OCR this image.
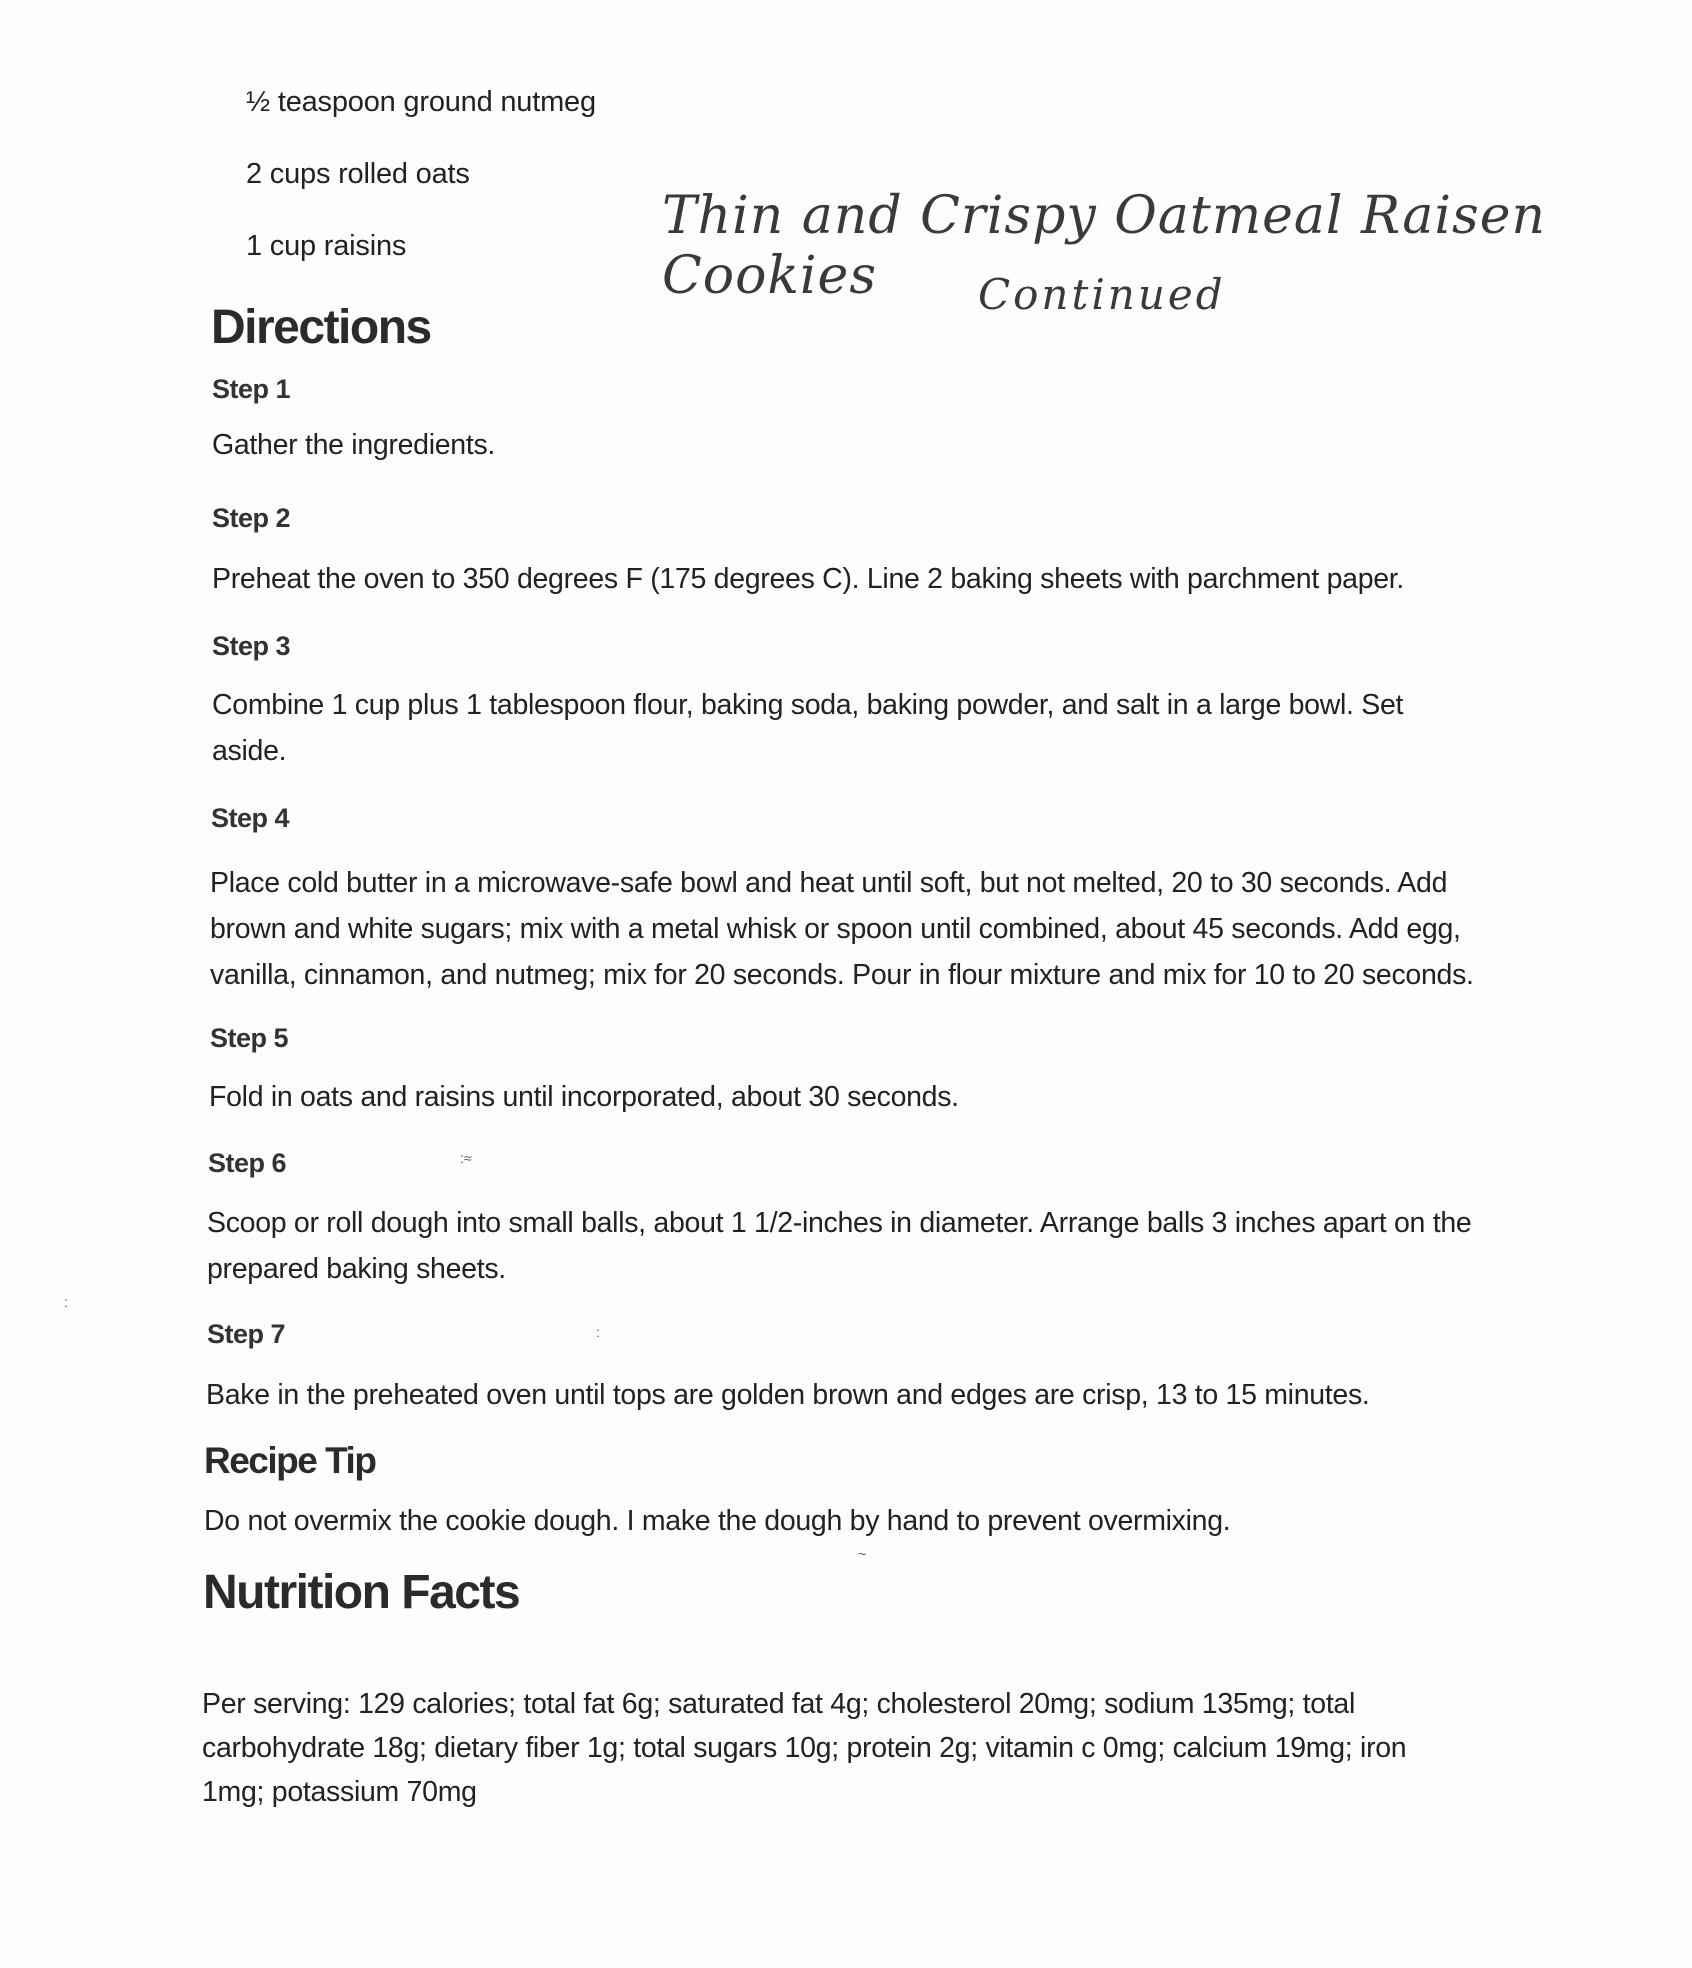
½ teaspoon ground nutmeg
2 cups rolled oats
1 cup raisins	Thin and Crispy Oatmeal Raisen Cookies	Continued
Directions
Step 1
Gather the ingredients.
Step 2
Preheat the oven to 350 degrees F (175 degrees C). Line 2 baking sheets with parchment paper.
Step 3
Combine 1 cup plus 1 tablespoon flour, baking soda, baking powder, and salt in a large bowl. Set aside.
Step 4
Place cold butter in a microwave-safe bowl and heat until soft, but not melted, 20 to 30 seconds. Add brown and white sugars; mix with a metal whisk or spoon until combined, about 45 seconds. Add egg, vanilla, cinnamon, and nutmeg; mix for 20 seconds. Pour in flour mixture and mix for 10 to 20 seconds.
Step 5
Fold in oats and raisins until incorporated, about 30 seconds.
Step 6
Scoop or roll dough into small balls, about 1 1/2-inches in diameter. Arrange balls 3 inches apart on the prepared baking sheets.
Step 7
Bake in the preheated oven until tops are golden brown and edges are crisp, 13 to 15 minutes.
Recipe Tip
Do not overmix the cookie dough. I make the dough by hand to prevent overmixing.
Nutrition Facts
Per serving: 129 calories; total fat 6g; saturated fat 4g; cholesterol 20mg; sodium 135mg; total carbohydrate 18g; dietary fiber 1g; total sugars 10g; protein 2g; vitamin c 0mg; calcium 19mg; iron 1mg; potassium 70mg
:≈
:
~
:
